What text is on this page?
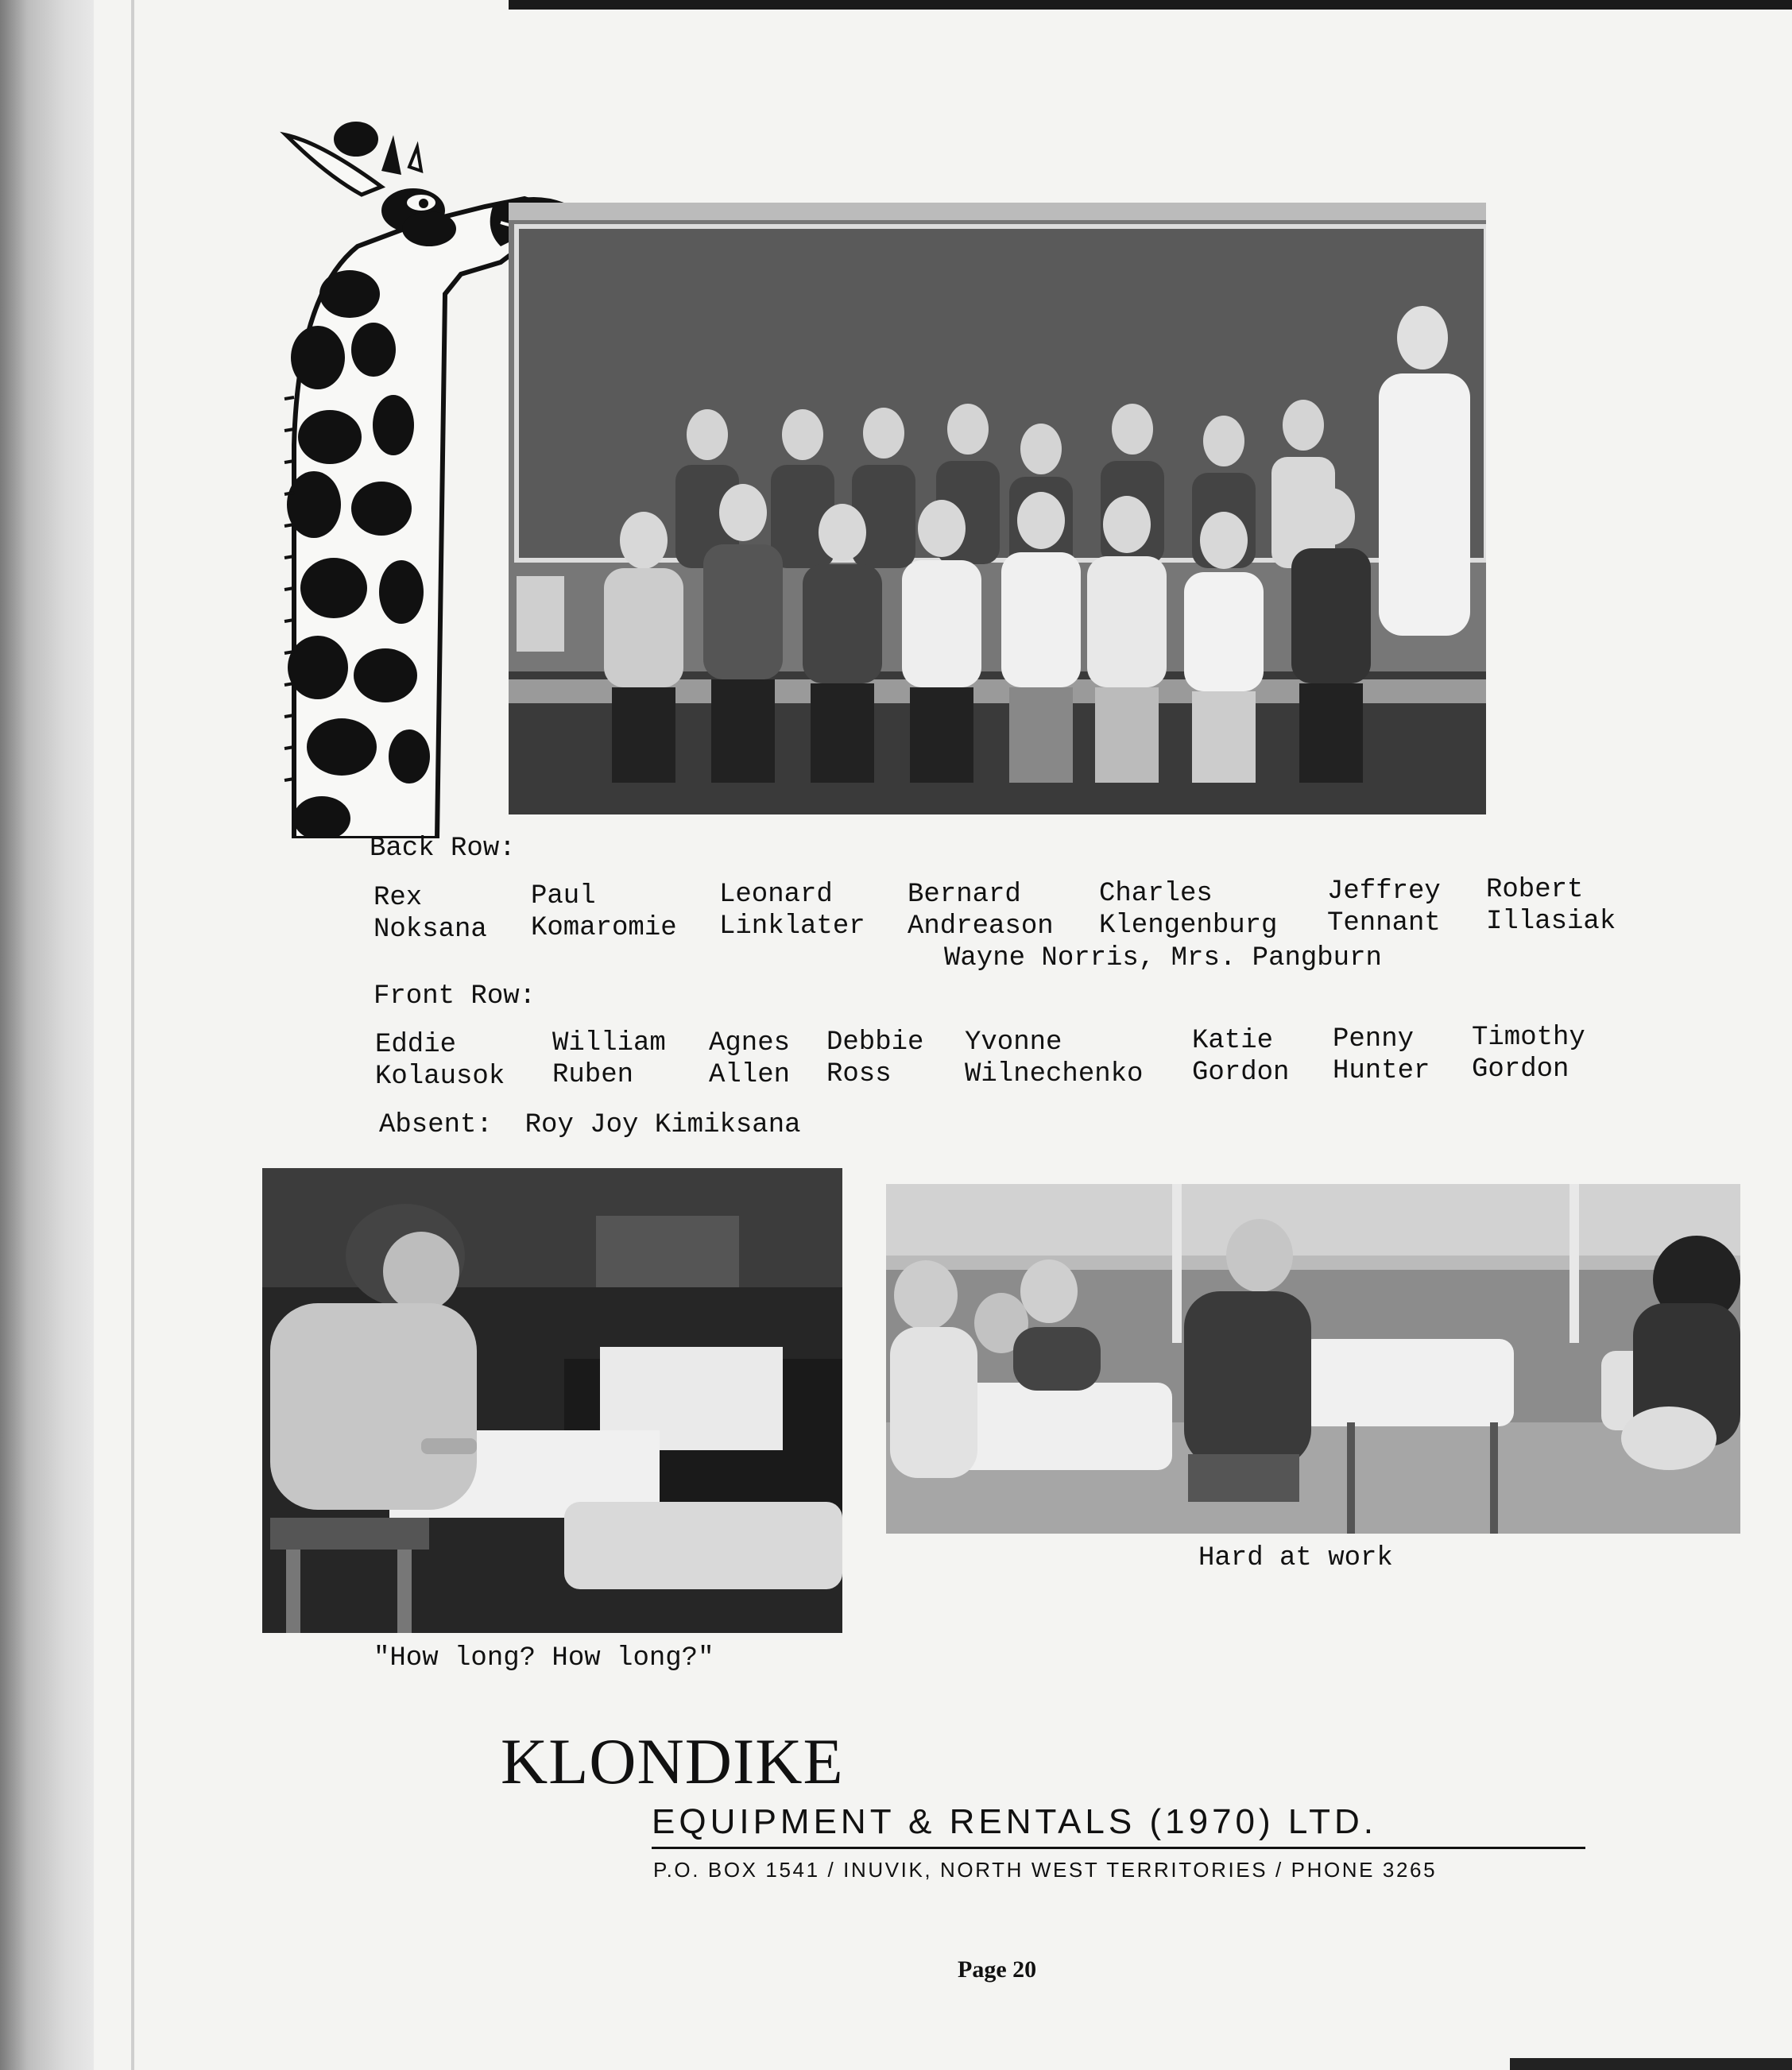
Back Row:
Rex
Noksana
Paul
Komaromie
Leonard
Linklater
Bernard
Andreason
Charles
Klengenburg
Jeffrey
Tennant
Robert
Illasiak
Wayne Norris, Mrs. Pangburn
Front Row:
Eddie
Kolausok
William
Ruben
Agnes
Allen
Debbie
Ross
Yvonne
Wilnechenko
Katie
Gordon
Penny
Hunter
Timothy
Gordon
Absent: Roy Joy Kimiksana
"How long? How long?"
Hard at work
KLONDIKE
EQUIPMENT & RENTALS (1970) LTD.
P.O. BOX 1541 / INUVIK, NORTH WEST TERRITORIES / PHONE 3265
Page 20
